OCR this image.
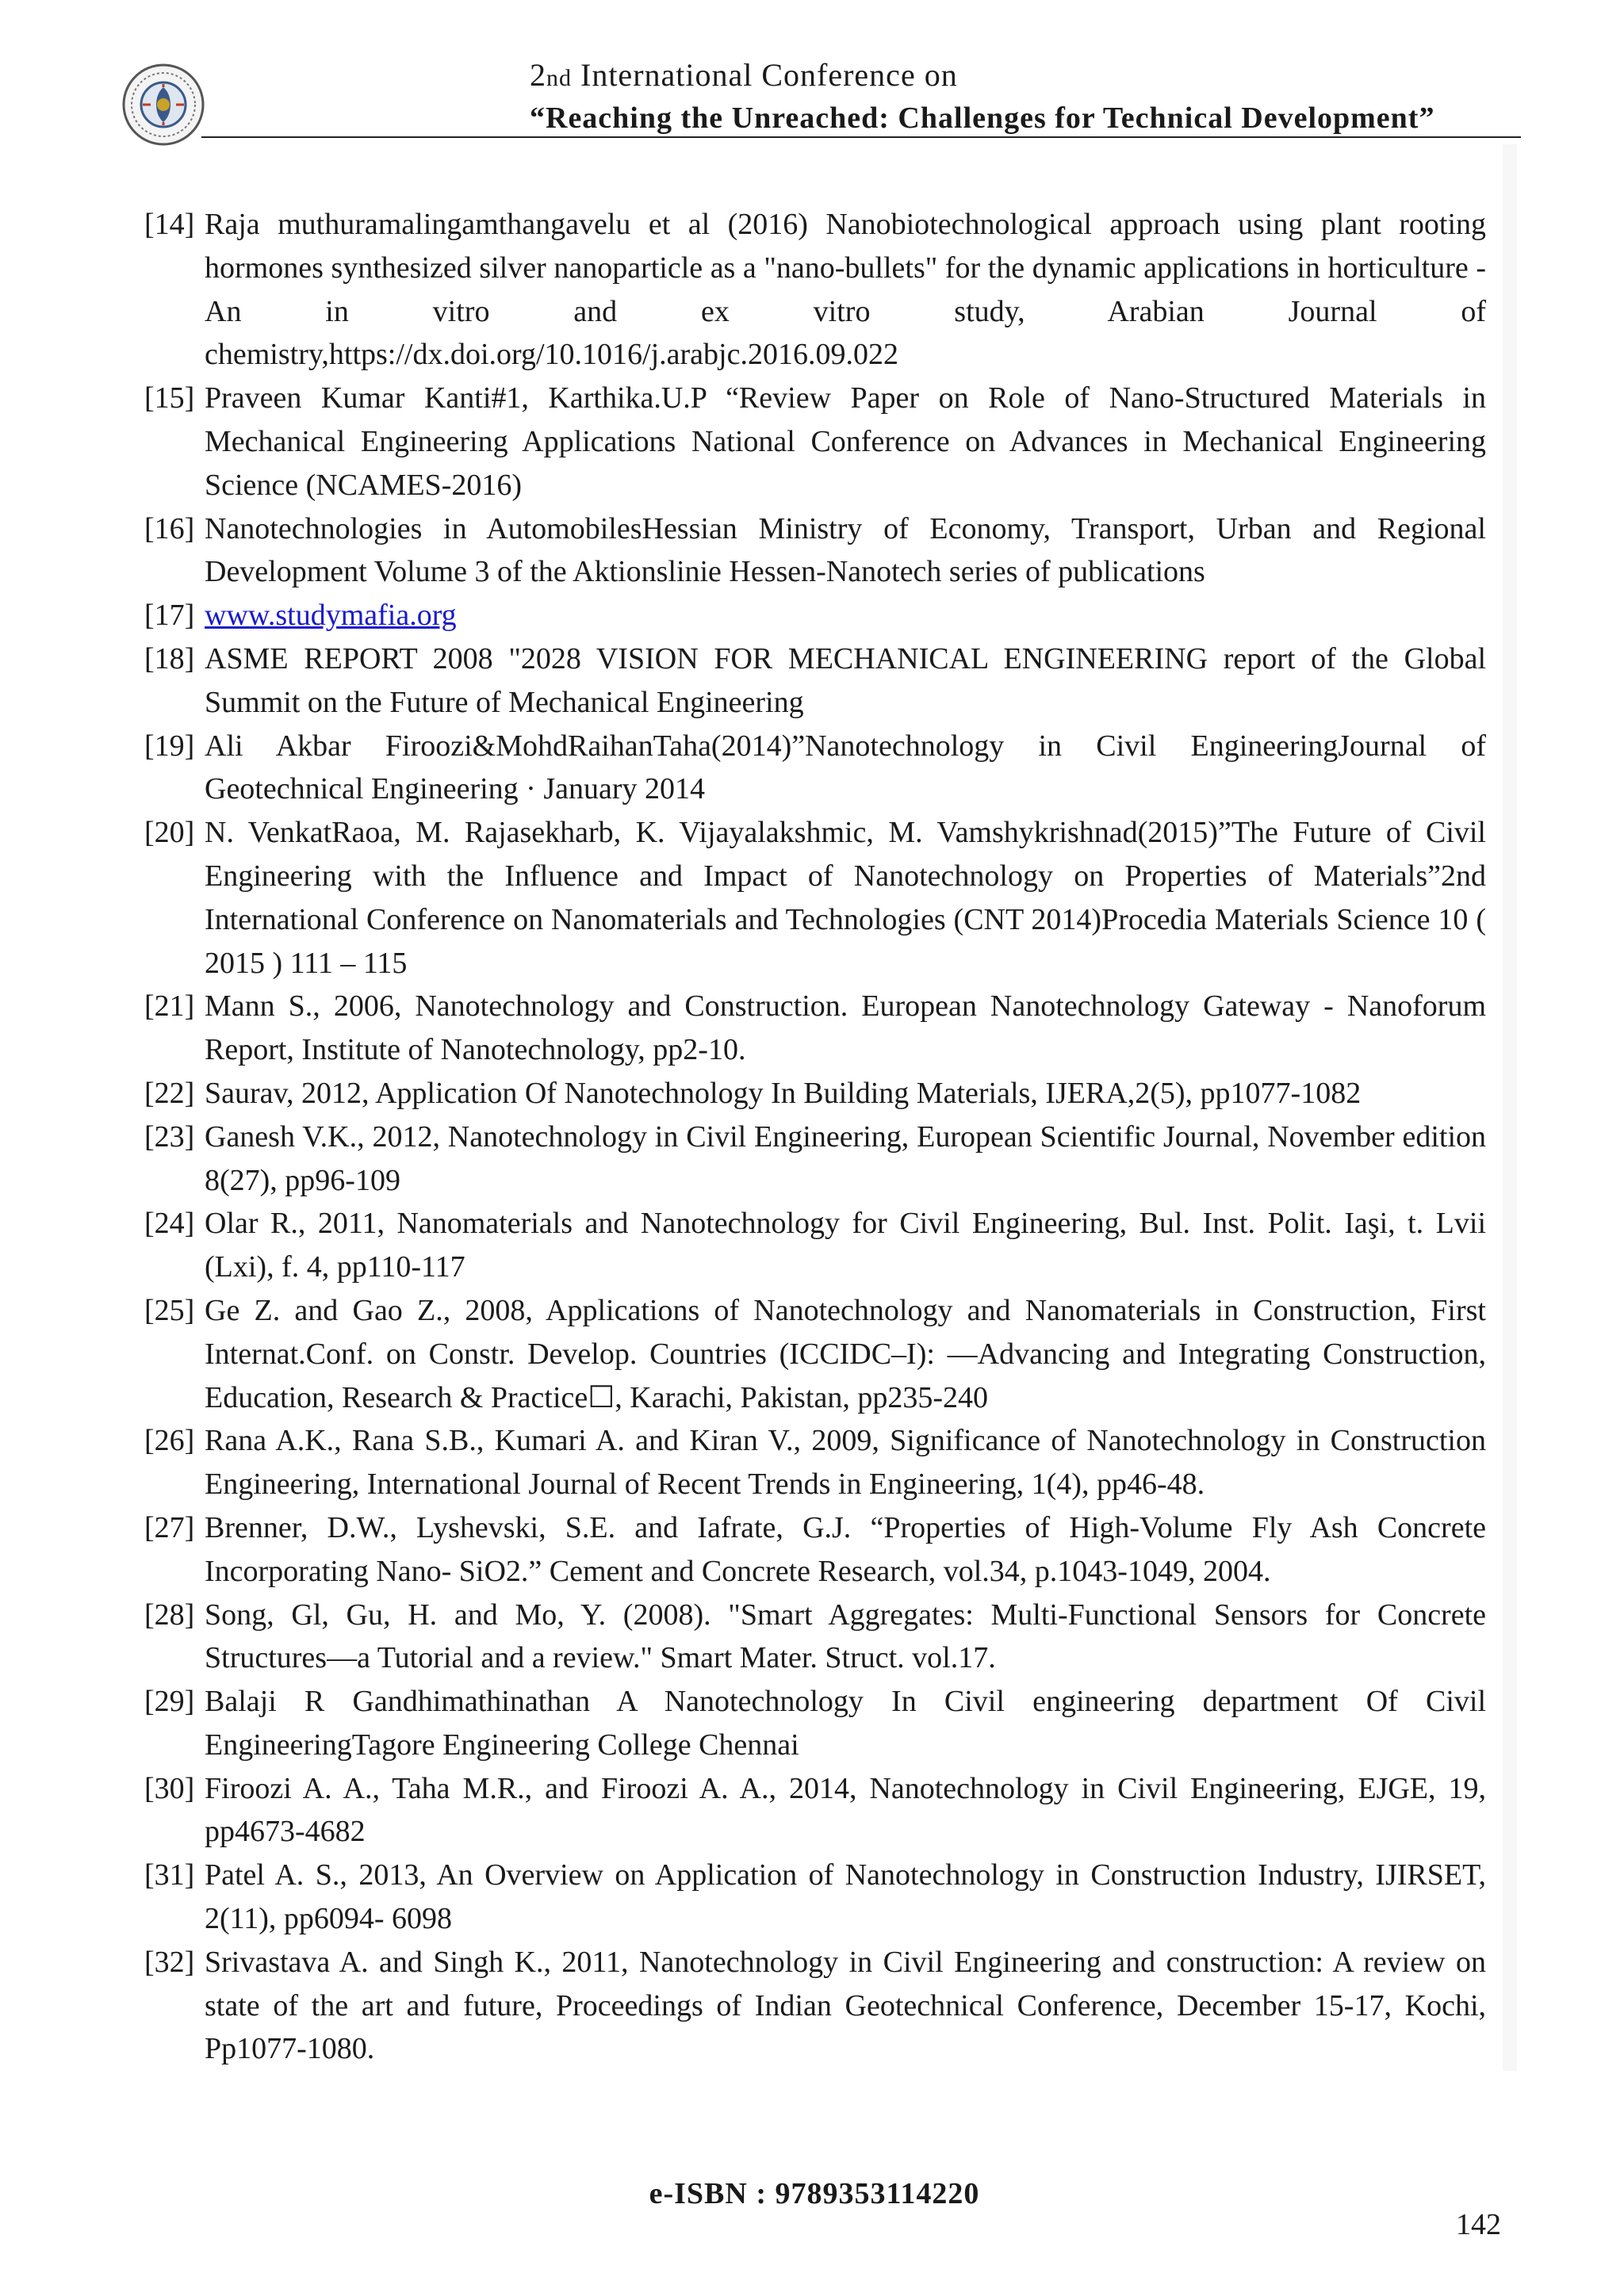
2nd International Conference on
“Reaching the Unreached: Challenges for Technical Development”
[14] Raja muthuramalingamthangavelu et al (2016) Nanobiotechnological approach using plant rooting hormones synthesized silver nanoparticle as a "nano-bullets" for the dynamic applications in horticulture -An in vitro and ex vitro study, Arabian Journal of chemistry,https://dx.doi.org/10.1016/j.arabjc.2016.09.022
[15] Praveen Kumar Kanti#1, Karthika.U.P “Review Paper on Role of Nano-Structured Materials in Mechanical Engineering Applications National Conference on Advances in Mechanical Engineering Science (NCAMES-2016)
[16] Nanotechnologies in AutomobilesHessian Ministry of Economy, Transport, Urban and Regional Development Volume 3 of the Aktionslinie Hessen-Nanotech series of publications
[17] www.studymafia.org
[18] ASME REPORT 2008 "2028 VISION FOR MECHANICAL ENGINEERING report of the Global Summit on the Future of Mechanical Engineering
[19] Ali Akbar Firoozi&MohdRaihanTaha(2014)”Nanotechnology in Civil EngineeringJournal of Geotechnical Engineering · January 2014
[20] N. VenkatRaoa, M. Rajasekharb, K. Vijayalakshmic, M. Vamshykrishnad(2015)”The Future of Civil Engineering with the Influence and Impact of Nanotechnology on Properties of Materials”2nd International Conference on Nanomaterials and Technologies (CNT 2014)Procedia Materials Science 10 ( 2015 ) 111 – 115
[21] Mann S., 2006, Nanotechnology and Construction. European Nanotechnology Gateway - Nanoforum Report, Institute of Nanotechnology, pp2-10.
[22] Saurav, 2012, Application Of Nanotechnology In Building Materials, IJERA,2(5), pp1077-1082
[23] Ganesh V.K., 2012, Nanotechnology in Civil Engineering, European Scientific Journal, November edition 8(27), pp96-109
[24] Olar R., 2011, Nanomaterials and Nanotechnology for Civil Engineering, Bul. Inst. Polit. Iaşi, t. Lvii (Lxi), f. 4, pp110-117
[25] Ge Z. and Gao Z., 2008, Applications of Nanotechnology and Nanomaterials in Construction, First Internat.Conf. on Constr. Develop. Countries (ICCIDC–I): ―Advancing and Integrating Construction, Education, Research & Practice☐, Karachi, Pakistan, pp235-240
[26] Rana A.K., Rana S.B., Kumari A. and Kiran V., 2009, Significance of Nanotechnology in Construction Engineering, International Journal of Recent Trends in Engineering, 1(4), pp46-48.
[27] Brenner, D.W., Lyshevski, S.E. and Iafrate, G.J. “Properties of High-Volume Fly Ash Concrete Incorporating Nano- SiO2.” Cement and Concrete Research, vol.34, p.1043-1049, 2004.
[28] Song, Gl, Gu, H. and Mo, Y. (2008). "Smart Aggregates: Multi-Functional Sensors for Concrete Structures—a Tutorial and a review." Smart Mater. Struct. vol.17.
[29] Balaji R Gandhimathinathan A Nanotechnology In Civil engineering department Of Civil EngineeringTagore Engineering College Chennai
[30] Firoozi A. A., Taha M.R., and Firoozi A. A., 2014, Nanotechnology in Civil Engineering, EJGE, 19, pp4673-4682
[31] Patel A. S., 2013, An Overview on Application of Nanotechnology in Construction Industry, IJIRSET, 2(11), pp6094- 6098
[32] Srivastava A. and Singh K., 2011, Nanotechnology in Civil Engineering and construction: A review on state of the art and future, Proceedings of Indian Geotechnical Conference, December 15-17, Kochi, Pp1077-1080.
e-ISBN : 9789353114220
142
